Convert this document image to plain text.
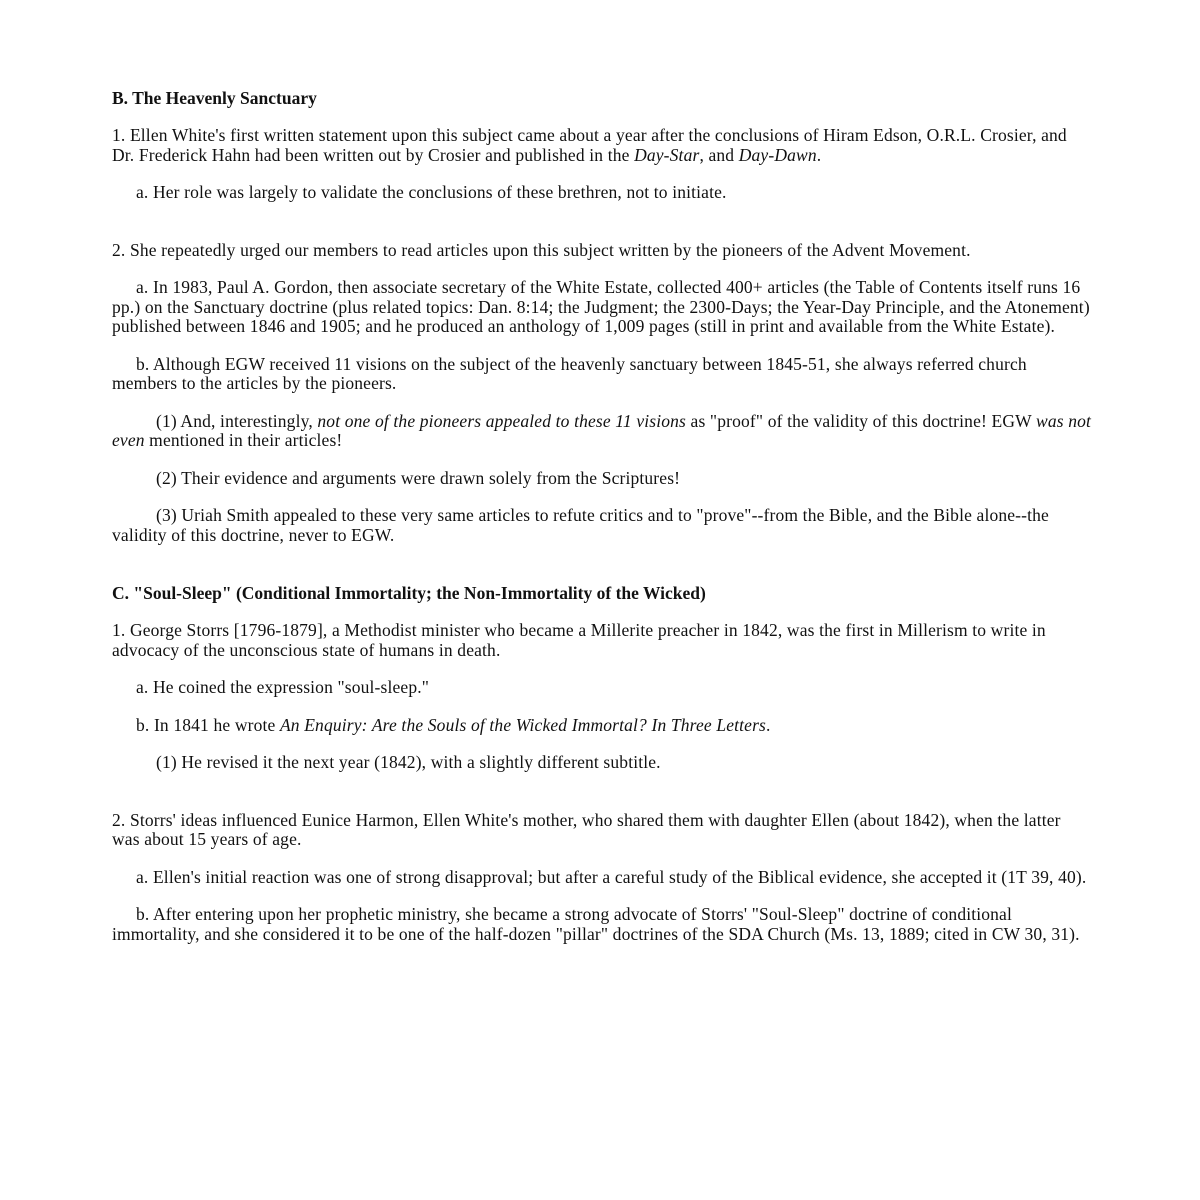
B. The Heavenly Sanctuary

1. Ellen White's first written statement upon this subject came about a year after the conclusions of Hiram Edson, O.R.L. Crosier, and Dr. Frederick Hahn had been written out by Crosier and published in the Day-Star, and Day-Dawn.

a. Her role was largely to validate the conclusions of these brethren, not to initiate.

2. She repeatedly urged our members to read articles upon this subject written by the pioneers of the Advent Movement.

a. In 1983, Paul A. Gordon, then associate secretary of the White Estate, collected 400+ articles (the Table of Contents itself runs 16 pp.) on the Sanctuary doctrine (plus related topics: Dan. 8:14; the Judgment; the 2300-Days; the Year-Day Principle, and the Atonement) published between 1846 and 1905; and he produced an anthology of 1,009 pages (still in print and available from the White Estate).

b. Although EGW received 11 visions on the subject of the heavenly sanctuary between 1845-51, she always referred church members to the articles by the pioneers.

(1) And, interestingly, not one of the pioneers appealed to these 11 visions as "proof" of the validity of this doctrine! EGW was not even mentioned in their articles!

(2) Their evidence and arguments were drawn solely from the Scriptures!

(3) Uriah Smith appealed to these very same articles to refute critics and to "prove"--from the Bible, and the Bible alone--the validity of this doctrine, never to EGW.

C. "Soul-Sleep" (Conditional Immortality; the Non-Immortality of the Wicked)

1. George Storrs [1796-1879], a Methodist minister who became a Millerite preacher in 1842, was the first in Millerism to write in advocacy of the unconscious state of humans in death.

a. He coined the expression "soul-sleep."

b. In 1841 he wrote An Enquiry: Are the Souls of the Wicked Immortal? In Three Letters.

(1) He revised it the next year (1842), with a slightly different subtitle.

2. Storrs' ideas influenced Eunice Harmon, Ellen White's mother, who shared them with daughter Ellen (about 1842), when the latter was about 15 years of age.

a. Ellen's initial reaction was one of strong disapproval; but after a careful study of the Biblical evidence, she accepted it (1T 39, 40).

b. After entering upon her prophetic ministry, she became a strong advocate of Storrs' "Soul-Sleep" doctrine of conditional immortality, and she considered it to be one of the half-dozen "pillar" doctrines of the SDA Church (Ms. 13, 1889; cited in CW 30, 31).
